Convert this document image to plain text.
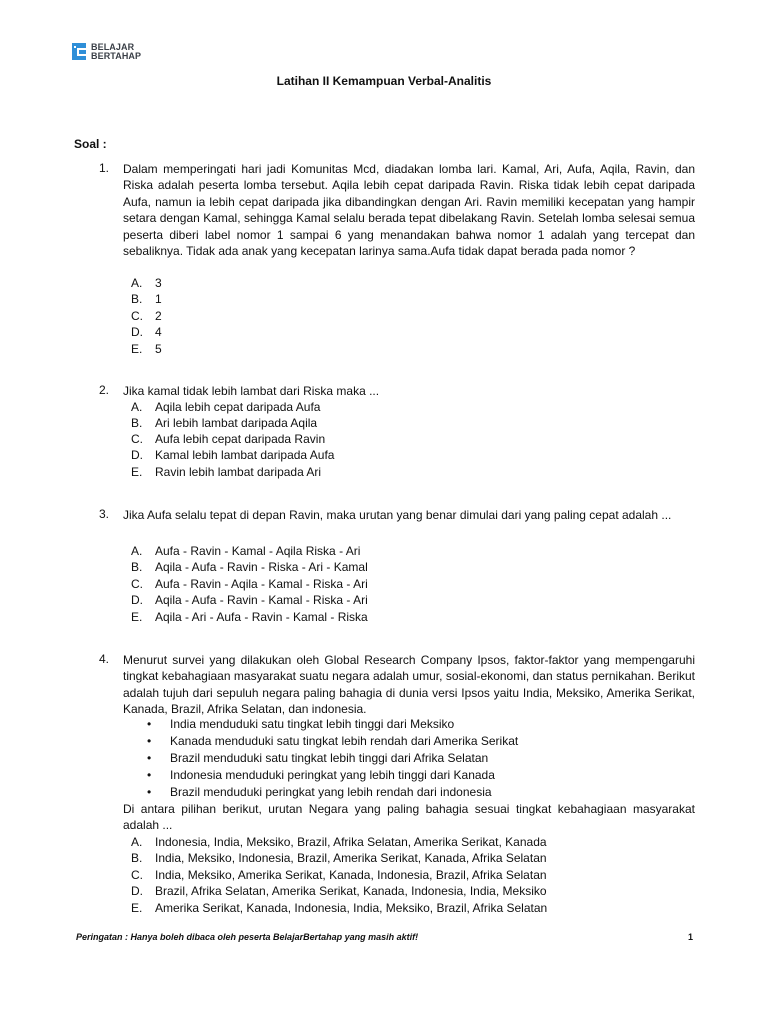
BELAJAR
BERTAHAP
Latihan II Kemampuan Verbal-Analitis
Soal :
1. Dalam memperingati hari jadi Komunitas Mcd, diadakan lomba lari. Kamal, Ari, Aufa, Aqila, Ravin, dan Riska adalah peserta lomba tersebut. Aqila lebih cepat daripada Ravin. Riska tidak lebih cepat daripada Aufa, namun ia lebih cepat daripada jika dibandingkan dengan Ari. Ravin memiliki kecepatan yang hampir setara dengan Kamal, sehingga Kamal selalu berada tepat dibelakang Ravin. Setelah lomba selesai semua peserta diberi label nomor 1 sampai 6 yang menandakan bahwa nomor 1 adalah yang tercepat dan sebaliknya. Tidak ada anak yang kecepatan larinya sama.Aufa tidak dapat berada pada nomor ?

A. 3
B. 1
C. 2
D. 4
E. 5
2. Jika kamal tidak lebih lambat dari Riska maka ...

A. Aqila lebih cepat daripada Aufa
B. Ari lebih lambat daripada Aqila
C. Aufa lebih cepat daripada Ravin
D. Kamal lebih lambat daripada Aufa
E. Ravin lebih lambat daripada Ari
3. Jika Aufa selalu tepat di depan Ravin, maka urutan yang benar dimulai dari yang paling cepat adalah ...

A. Aufa - Ravin - Kamal - Aqila Riska - Ari
B. Aqila - Aufa - Ravin - Riska - Ari - Kamal
C. Aufa - Ravin - Aqila - Kamal - Riska - Ari
D. Aqila - Aufa - Ravin - Kamal - Riska - Ari
E. Aqila - Ari - Aufa - Ravin - Kamal - Riska
4. Menurut survei yang dilakukan oleh Global Research Company Ipsos, faktor-faktor yang mempengaruhi tingkat kebahagiaan masyarakat suatu negara adalah umur, sosial-ekonomi, dan status pernikahan. Berikut adalah tujuh dari sepuluh negara paling bahagia di dunia versi Ipsos yaitu India, Meksiko, Amerika Serikat, Kanada, Brazil, Afrika Selatan, dan indonesia.

• India menduduki satu tingkat lebih tinggi dari Meksiko
• Kanada menduduki satu tingkat lebih rendah dari Amerika Serikat
• Brazil menduduki satu tingkat lebih tinggi dari Afrika Selatan
• Indonesia menduduki peringkat yang lebih tinggi dari Kanada
• Brazil menduduki peringkat yang lebih rendah dari indonesia

Di antara pilihan berikut, urutan Negara yang paling bahagia sesuai tingkat kebahagiaan masyarakat adalah ...

A. Indonesia, India, Meksiko, Brazil, Afrika Selatan, Amerika Serikat, Kanada
B. India, Meksiko, Indonesia, Brazil, Amerika Serikat, Kanada, Afrika Selatan
C. India, Meksiko, Amerika Serikat, Kanada, Indonesia, Brazil, Afrika Selatan
D. Brazil, Afrika Selatan, Amerika Serikat, Kanada, Indonesia, India, Meksiko
E. Amerika Serikat, Kanada, Indonesia, India, Meksiko, Brazil, Afrika Selatan
Peringatan : Hanya boleh dibaca oleh peserta BelajarBertahap yang masih aktif!	1
